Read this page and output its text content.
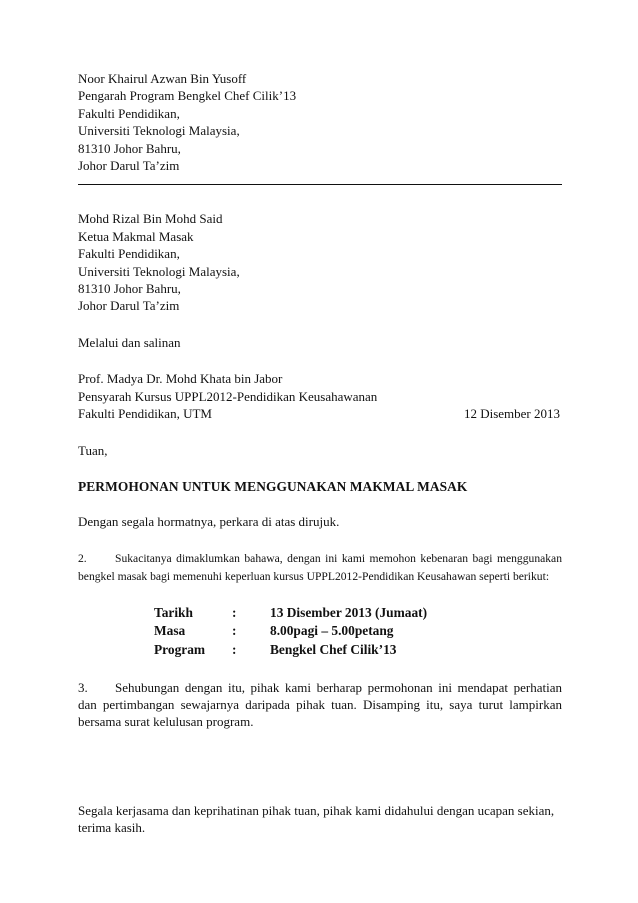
Noor Khairul Azwan Bin Yusoff
Pengarah Program Bengkel Chef Cilik’13
Fakulti Pendidikan,
Universiti Teknologi Malaysia,
81310 Johor Bahru,
Johor Darul Ta’zim
Mohd Rizal Bin Mohd Said
Ketua Makmal Masak
Fakulti Pendidikan,
Universiti Teknologi Malaysia,
81310 Johor Bahru,
Johor Darul Ta’zim
Melalui dan salinan
Prof. Madya Dr. Mohd Khata bin Jabor
Pensyarah Kursus UPPL2012-Pendidikan Keusahawanan
Fakulti Pendidikan, UTM	12 Disember 2013
Tuan,
PERMOHONAN UNTUK MENGGUNAKAN MAKMAL MASAK
Dengan segala hormatnya, perkara di atas dirujuk.
2. Sukacitanya dimaklumkan bahawa, dengan ini kami memohon kebenaran bagi menggunakan bengkel masak bagi memenuhi keperluan kursus UPPL2012-Pendidikan Keusahawan seperti berikut:
Tarikh	:	13 Disember 2013 (Jumaat)
Masa	:	8.00pagi – 5.00petang
Program	:	Bengkel Chef Cilik’13
3. Sehubungan dengan itu, pihak kami berharap permohonan ini mendapat perhatian dan pertimbangan sewajarnya daripada pihak tuan. Disamping itu, saya turut lampirkan bersama surat kelulusan program.
Segala kerjasama dan keprihatinan pihak tuan, pihak kami didahului dengan ucapan sekian, terima kasih.
